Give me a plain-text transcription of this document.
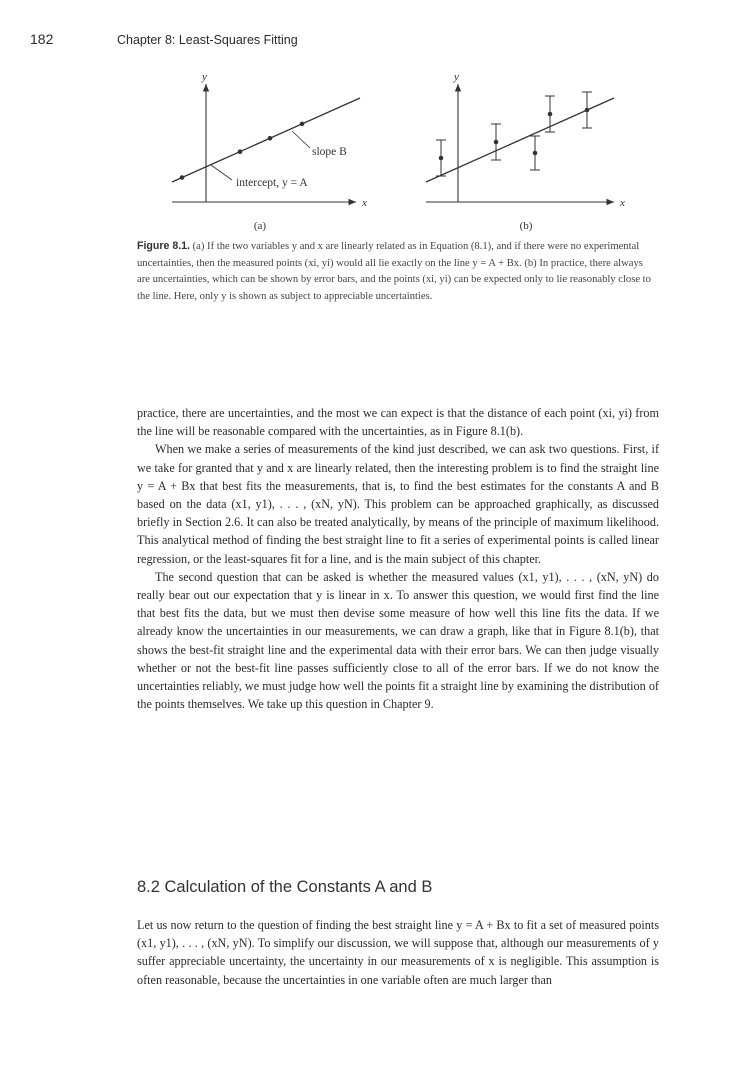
182	Chapter 8: Least-Squares Fitting
y
x
slope B
intercept, y = A
(a)
y
x
(b)
Figure 8.1. (a) If the two variables y and x are linearly related as in Equation (8.1), and if there were no experimental uncertainties, then the measured points (xi, yi) would all lie exactly on the line y = A + Bx. (b) In practice, there always are uncertainties, which can be shown by error bars, and the points (xi, yi) can be expected only to lie reasonably close to the line. Here, only y is shown as subject to appreciable uncertainties.

practice, there are uncertainties, and the most we can expect is that the distance of each point (xi, yi) from the line will be reasonable compared with the uncertainties, as in Figure 8.1(b).

When we make a series of measurements of the kind just described, we can ask two questions. First, if we take for granted that y and x are linearly related, then the interesting problem is to find the straight line y = A + Bx that best fits the measurements, that is, to find the best estimates for the constants A and B based on the data (x1, y1), . . . , (xN, yN). This problem can be approached graphically, as discussed briefly in Section 2.6. It can also be treated analytically, by means of the principle of maximum likelihood. This analytical method of finding the best straight line to fit a series of experimental points is called linear regression, or the least-squares fit for a line, and is the main subject of this chapter.

The second question that can be asked is whether the measured values (x1, y1), . . . , (xN, yN) do really bear out our expectation that y is linear in x. To answer this question, we would first find the line that best fits the data, but we must then devise some measure of how well this line fits the data. If we already know the uncertainties in our measurements, we can draw a graph, like that in Figure 8.1(b), that shows the best-fit straight line and the experimental data with their error bars. We can then judge visually whether or not the best-fit line passes sufficiently close to all of the error bars. If we do not know the uncertainties reliably, we must judge how well the points fit a straight line by examining the distribution of the points themselves. We take up this question in Chapter 9.

8.2 Calculation of the Constants A and B

Let us now return to the question of finding the best straight line y = A + Bx to fit a set of measured points (x1, y1), . . . , (xN, yN). To simplify our discussion, we will suppose that, although our measurements of y suffer appreciable uncertainty, the uncertainty in our measurements of x is negligible. This assumption is often reasonable, because the uncertainties in one variable often are much larger than
